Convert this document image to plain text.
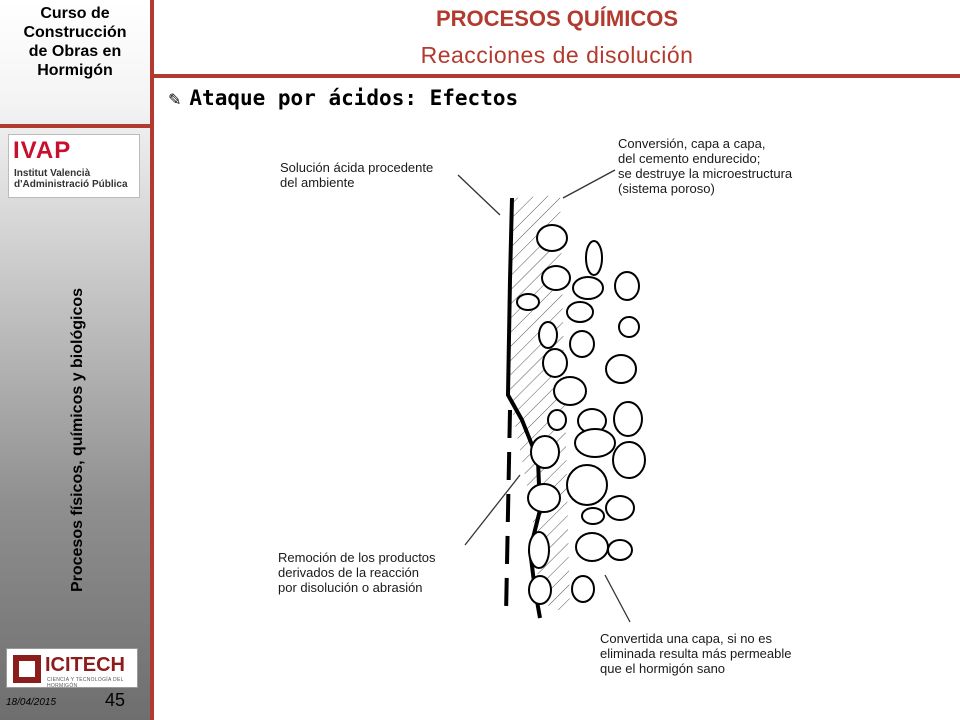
Curso de
Construcción
de Obras en
Hormigón
IVAP
Institut Valencià
d'Administració Pública
Procesos físicos, químicos y biológicos
ICITECH
CIENCIA Y TECNOLOGÍA DEL HORMIGÓN
18/04/2015	45
PROCESOS QUÍMICOS
Reacciones de disolución
✎ Ataque por ácidos: Efectos
Solución ácida procedente del ambiente
Conversión, capa a capa, del cemento endurecido; se destruye la microestructura (sistema poroso)
Remoción de los productos derivados de la reacción por disolución o abrasión
Convertida una capa, si no es eliminada resulta más permeable que el hormigón sano
